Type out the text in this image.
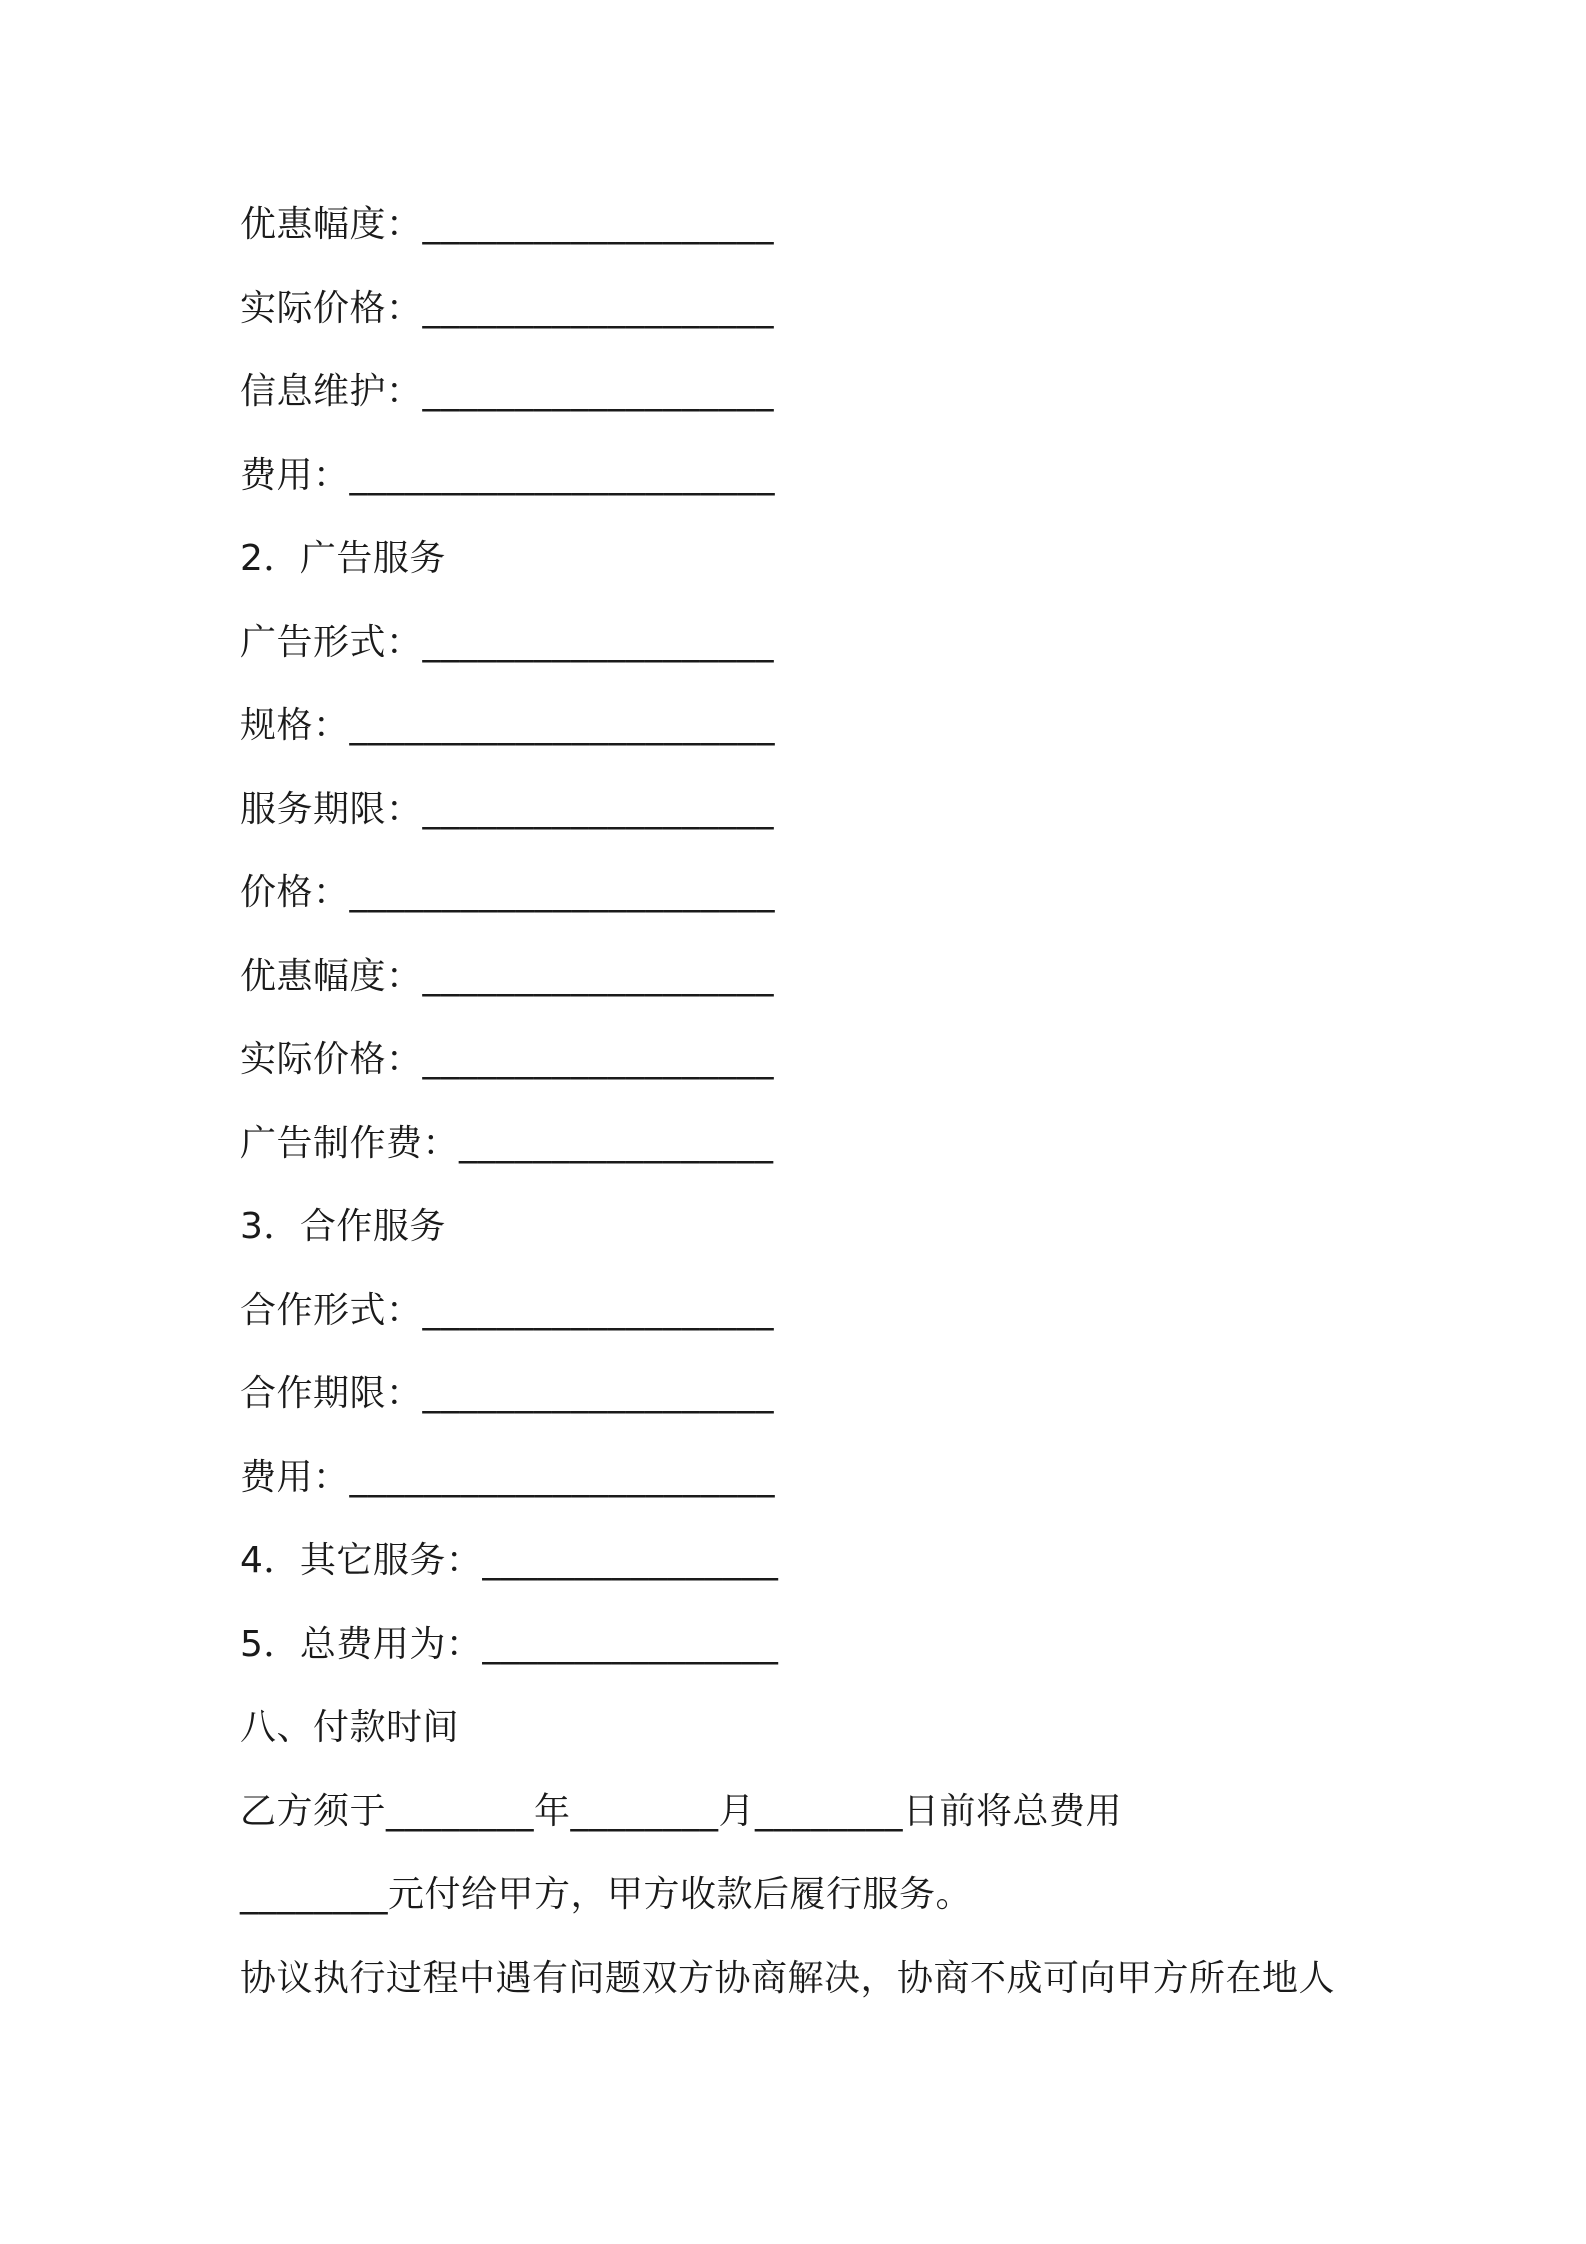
优惠幅度：___________________
实际价格：___________________
信息维护：___________________
费用：_______________________
2．广告服务
广告形式：___________________
规格：_______________________
服务期限：___________________
价格：_______________________
优惠幅度：___________________
实际价格：___________________
广告制作费：_________________
3．合作服务
合作形式：___________________
合作期限：___________________
费用：_______________________
4．其它服务：________________
5．总费用为：________________
八、付款时间
乙方须于________年________月________日前将总费用
________元付给甲方，甲方收款后履行服务。
协议执行过程中遇有问题双方协商解决，协商不成可向甲方所在地人
